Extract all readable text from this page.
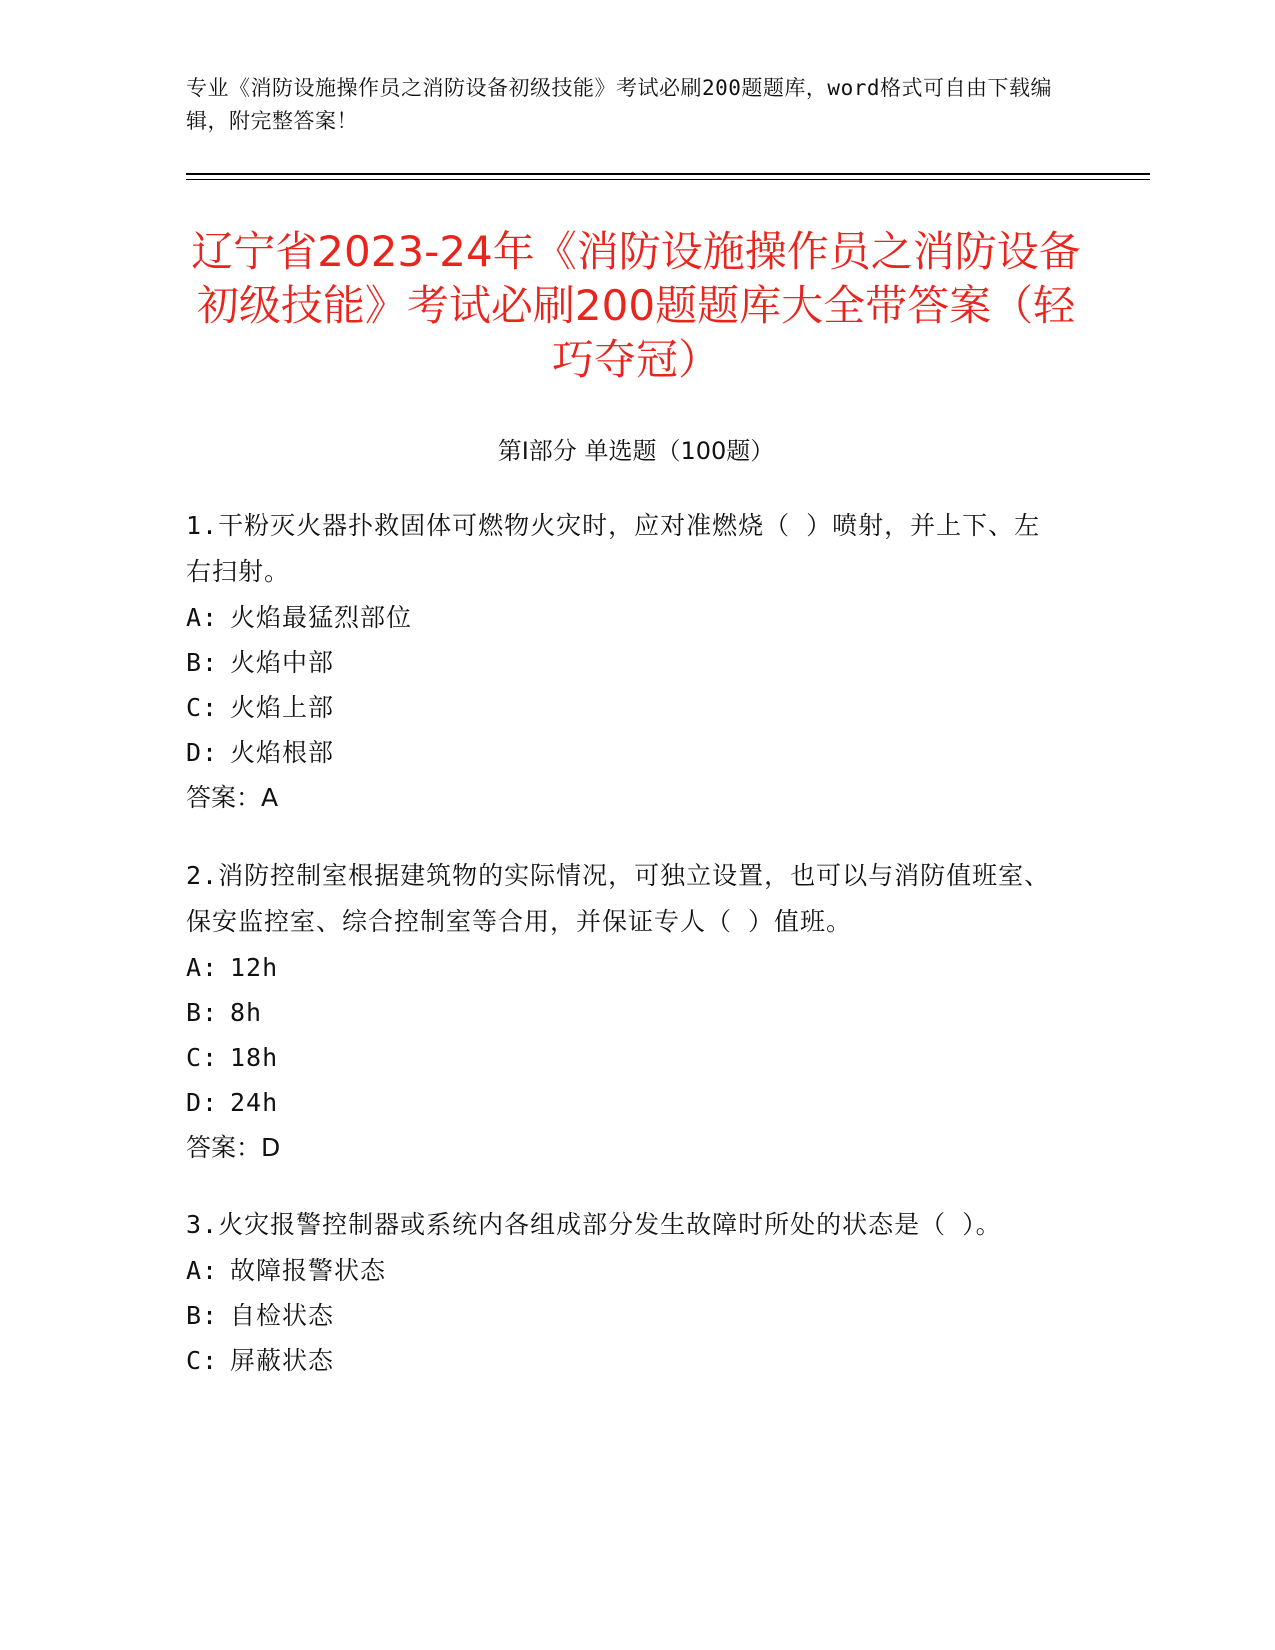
专业《消防设施操作员之消防设备初级技能》考试必刷200题题库，word格式可自由下载编辑，附完整答案！
辽宁省2023-24年《消防设施操作员之消防设备初级技能》考试必刷200题题库大全带答案（轻巧夺冠）
第I部分 单选题（100题）
1.干粉灭火器扑救固体可燃物火灾时，应对准燃烧（ ）喷射，并上下、左右扫射。
A: 火焰最猛烈部位
B: 火焰中部
C: 火焰上部
D: 火焰根部
答案：A
2.消防控制室根据建筑物的实际情况，可独立设置，也可以与消防值班室、保安监控室、综合控制室等合用，并保证专人（ ）值班。
A: 12h
B: 8h
C: 18h
D: 24h
答案：D
3.火灾报警控制器或系统内各组成部分发生故障时所处的状态是（ ）。
A: 故障报警状态
B: 自检状态
C: 屏蔽状态
